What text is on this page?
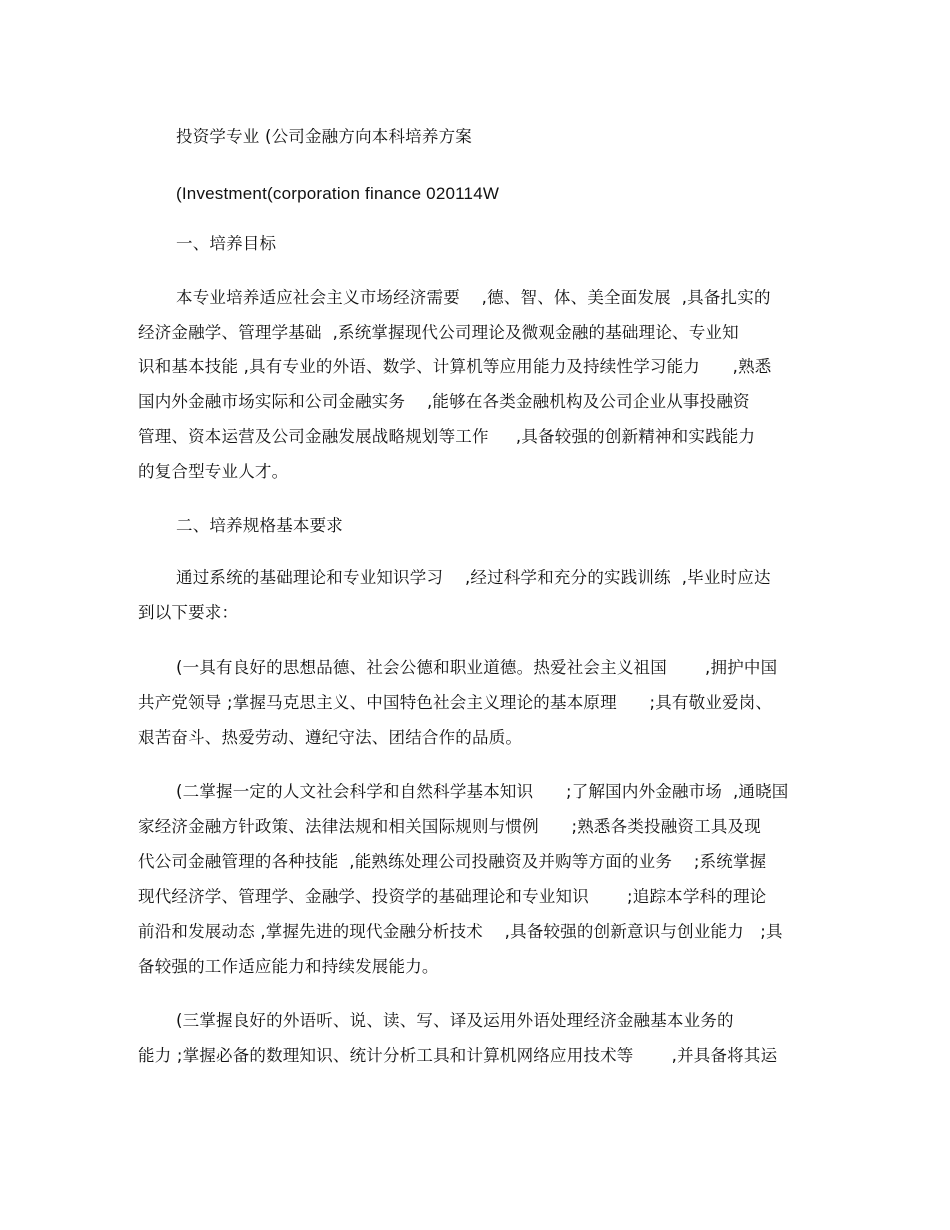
投资学专业 (公司金融方向本科培养方案
(Investment(corporation finance 020114W
一、培养目标
本专业培养适应社会主义市场经济需要    ,德、智、体、美全面发展  ,具备扎实的
经济金融学、管理学基础  ,系统掌握现代公司理论及微观金融的基础理论、专业知
识和基本技能 ,具有专业的外语、数学、计算机等应用能力及持续性学习能力      ,熟悉
国内外金融市场实际和公司金融实务    ,能够在各类金融机构及公司企业从事投融资
管理、资本运营及公司金融发展战略规划等工作     ,具备较强的创新精神和实践能力
的复合型专业人才。
二、培养规格基本要求
通过系统的基础理论和专业知识学习    ,经过科学和充分的实践训练  ,毕业时应达
到以下要求：
(一具有良好的思想品德、社会公德和职业道德。热爱社会主义祖国       ,拥护中国
共产党领导 ;掌握马克思主义、中国特色社会主义理论的基本原理      ;具有敬业爱岗、
艰苦奋斗、热爱劳动、遵纪守法、团结合作的品质。
(二掌握一定的人文社会科学和自然科学基本知识      ;了解国内外金融市场  ,通晓国
家经济金融方针政策、法律法规和相关国际规则与惯例      ;熟悉各类投融资工具及现
代公司金融管理的各种技能  ,能熟练处理公司投融资及并购等方面的业务    ;系统掌握
现代经济学、管理学、金融学、投资学的基础理论和专业知识       ;追踪本学科的理论
前沿和发展动态 ,掌握先进的现代金融分析技术    ,具备较强的创新意识与创业能力   ;具
备较强的工作适应能力和持续发展能力。
(三掌握良好的外语听、说、读、写、译及运用外语处理经济金融基本业务的
能力 ;掌握必备的数理知识、统计分析工具和计算机网络应用技术等       ,并具备将其运
